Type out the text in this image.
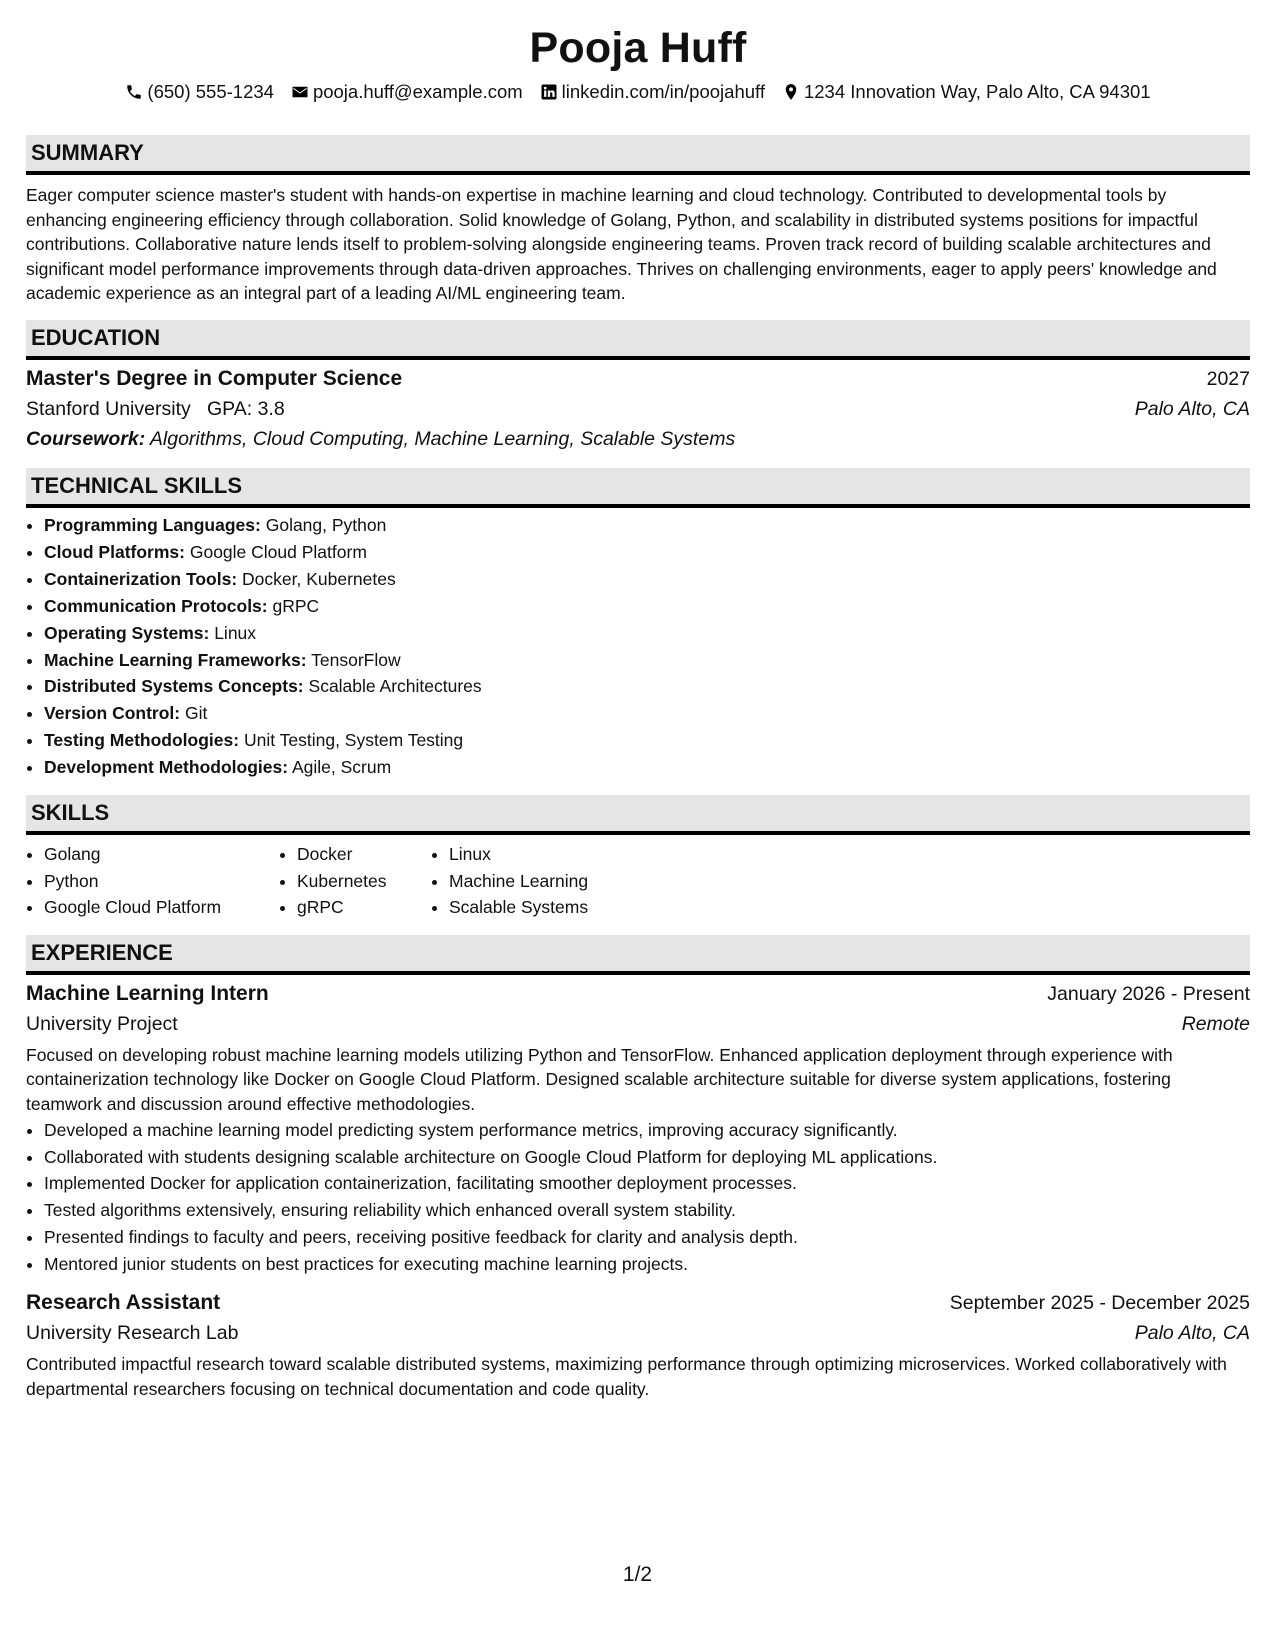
Pooja Huff
(650) 555-1234 pooja.huff@example.com linkedin.com/in/poojahuff 1234 Innovation Way, Palo Alto, CA 94301
SUMMARY
Eager computer science master's student with hands-on expertise in machine learning and cloud technology. Contributed to developmental tools by enhancing engineering efficiency through collaboration. Solid knowledge of Golang, Python, and scalability in distributed systems positions for impactful contributions. Collaborative nature lends itself to problem-solving alongside engineering teams. Proven track record of building scalable architectures and significant model performance improvements through data-driven approaches. Thrives on challenging environments, eager to apply peers' knowledge and academic experience as an integral part of a leading AI/ML engineering team.
EDUCATION
Master's Degree in Computer Science	2027
Stanford University GPA: 3.8	Palo Alto, CA
Coursework: Algorithms, Cloud Computing, Machine Learning, Scalable Systems
TECHNICAL SKILLS
• Programming Languages: Golang, Python
• Cloud Platforms: Google Cloud Platform
• Containerization Tools: Docker, Kubernetes
• Communication Protocols: gRPC
• Operating Systems: Linux
• Machine Learning Frameworks: TensorFlow
• Distributed Systems Concepts: Scalable Architectures
• Version Control: Git
• Testing Methodologies: Unit Testing, System Testing
• Development Methodologies: Agile, Scrum
SKILLS
• Golang
• Python
• Google Cloud Platform
• Docker
• Kubernetes
• gRPC
• Linux
• Machine Learning
• Scalable Systems
EXPERIENCE
Machine Learning Intern	January 2026 - Present
University Project	Remote
Focused on developing robust machine learning models utilizing Python and TensorFlow. Enhanced application deployment through experience with containerization technology like Docker on Google Cloud Platform. Designed scalable architecture suitable for diverse system applications, fostering teamwork and discussion around effective methodologies.
• Developed a machine learning model predicting system performance metrics, improving accuracy significantly.
• Collaborated with students designing scalable architecture on Google Cloud Platform for deploying ML applications.
• Implemented Docker for application containerization, facilitating smoother deployment processes.
• Tested algorithms extensively, ensuring reliability which enhanced overall system stability.
• Presented findings to faculty and peers, receiving positive feedback for clarity and analysis depth.
• Mentored junior students on best practices for executing machine learning projects.
Research Assistant	September 2025 - December 2025
University Research Lab	Palo Alto, CA
Contributed impactful research toward scalable distributed systems, maximizing performance through optimizing microservices. Worked collaboratively with departmental researchers focusing on technical documentation and code quality.
1/2
